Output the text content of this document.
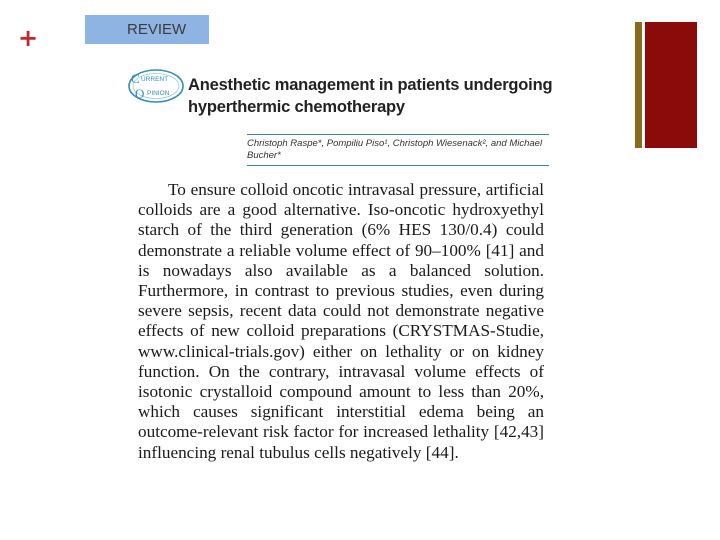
+	REVIEW
C URRENT
O PINION Anesthetic management in patients undergoing hyperthermic chemotherapy
Christoph Raspe*, Pompiliu Piso¹, Christoph Wiesenack², and Michael Bucher*

To ensure colloid oncotic intravasal pressure, artificial colloids are a good alternative. Iso-oncotic hydroxyethyl starch of the third generation (6% HES 130/0.4) could demonstrate a reliable volume effect of 90–100% [41] and is nowadays also available as a balanced solution. Furthermore, in contrast to previous studies, even during severe sepsis, recent data could not demonstrate negative effects of new colloid preparations (CRYSTMAS-Studie, www.clinical-trials.gov) either on lethality or on kidney function. On the contrary, intravasal volume effects of isotonic crystalloid compound amount to less than 20%, which causes significant interstitial edema being an outcome-relevant risk factor for increased lethality [42,43] influencing renal tubulus cells negatively [44].
